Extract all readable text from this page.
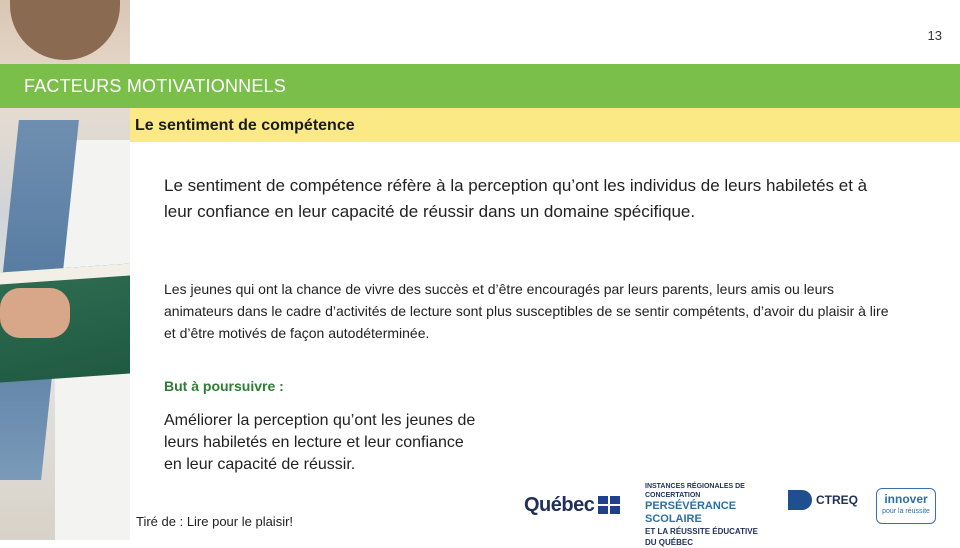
13
FACTEURS MOTIVATIONNELS
Le sentiment de compétence
Le sentiment de compétence réfère à la perception qu’ont les individus de leurs habiletés et à leur confiance en leur capacité de réussir dans un domaine spécifique.
Les jeunes qui ont la chance de vivre des succès et d’être encouragés par leurs parents, leurs amis ou leurs animateurs dans le cadre d’activités de lecture sont plus susceptibles de se sentir compétents, d’avoir du plaisir à lire et d’être motivés de façon autodéterminée.
But à poursuivre :
Améliorer la perception qu’ont les jeunes de leurs habiletés en lecture et leur confiance en leur capacité de réussir.
Tiré de : Lire pour le plaisir!
Québec
INSTANCES RÉGIONALES DE CONCERTATION
PERSÉVÉRANCE SCOLAIRE
ET LA RÉUSSITE ÉDUCATIVE DU QUÉBEC
CTREQ	innover
pour la réussite
